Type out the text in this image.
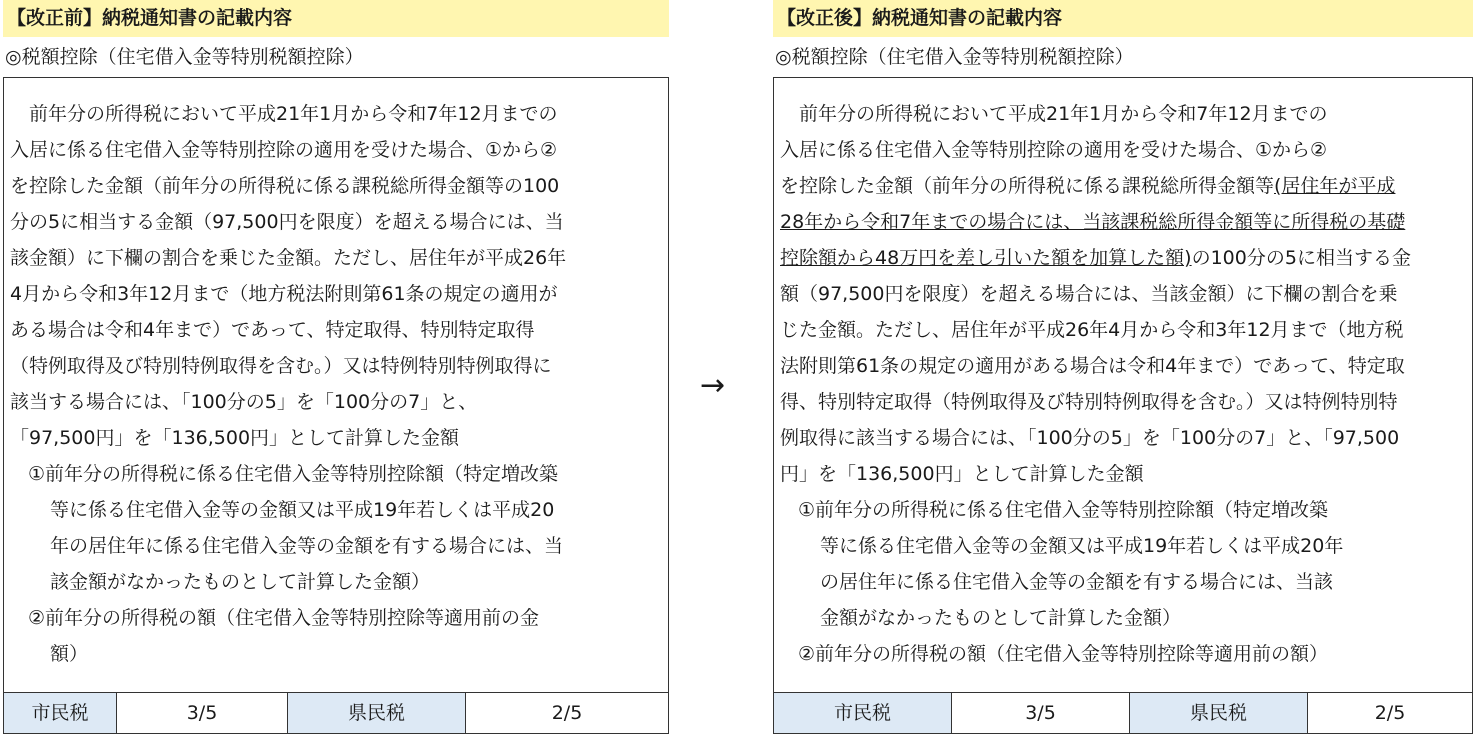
【改正前】納税通知書の記載内容
◎税額控除（住宅借入金等特別税額控除）

　前年分の所得税において平成21年1月から令和7年12月までの

入居に係る住宅借入金等特別控除の適用を受けた場合、①から②

を控除した金額（前年分の所得税に係る課税総所得金額等の100

分の5に相当する金額（97,500円を限度）を超える場合には、当

該金額）に下欄の割合を乗じた金額。ただし、居住年が平成26年

4月から令和3年12月まで（地方税法附則第61条の規定の適用が

ある場合は令和4年まで）であって、特定取得、特別特定取得

（特例取得及び特別特例取得を含む。）又は特例特別特例取得に

該当する場合には、「100分の5」を「100分の7」と、

「97,500円」を「136,500円」として計算した金額

①前年分の所得税に係る住宅借入金等特別控除額（特定増改築

等に係る住宅借入金等の金額又は平成19年若しくは平成20

年の居住年に係る住宅借入金等の金額を有する場合には、当

該金額がなかったものとして計算した金額）

②前年分の所得税の額（住宅借入金等特別控除等適用前の金

額）

市民税	3/5	県民税	2/5
→
【改正後】納税通知書の記載内容
◎税額控除（住宅借入金等特別税額控除）

　前年分の所得税において平成21年1月から令和7年12月までの

入居に係る住宅借入金等特別控除の適用を受けた場合、①から②

を控除した金額（前年分の所得税に係る課税総所得金額等(居住年が平成

28年から令和7年までの場合には、当該課税総所得金額等に所得税の基礎

控除額から48万円を差し引いた額を加算した額)の100分の5に相当する金

額（97,500円を限度）を超える場合には、当該金額）に下欄の割合を乗

じた金額。ただし、居住年が平成26年4月から令和3年12月まで（地方税

法附則第61条の規定の適用がある場合は令和4年まで）であって、特定取

得、特別特定取得（特例取得及び特別特例取得を含む。）又は特例特別特

例取得に該当する場合には、「100分の5」を「100分の7」と、「97,500

円」を「136,500円」として計算した金額

①前年分の所得税に係る住宅借入金等特別控除額（特定増改築

等に係る住宅借入金等の金額又は平成19年若しくは平成20年

の居住年に係る住宅借入金等の金額を有する場合には、当該

金額がなかったものとして計算した金額）

②前年分の所得税の額（住宅借入金等特別控除等適用前の額）

市民税	3/5	県民税	2/5
